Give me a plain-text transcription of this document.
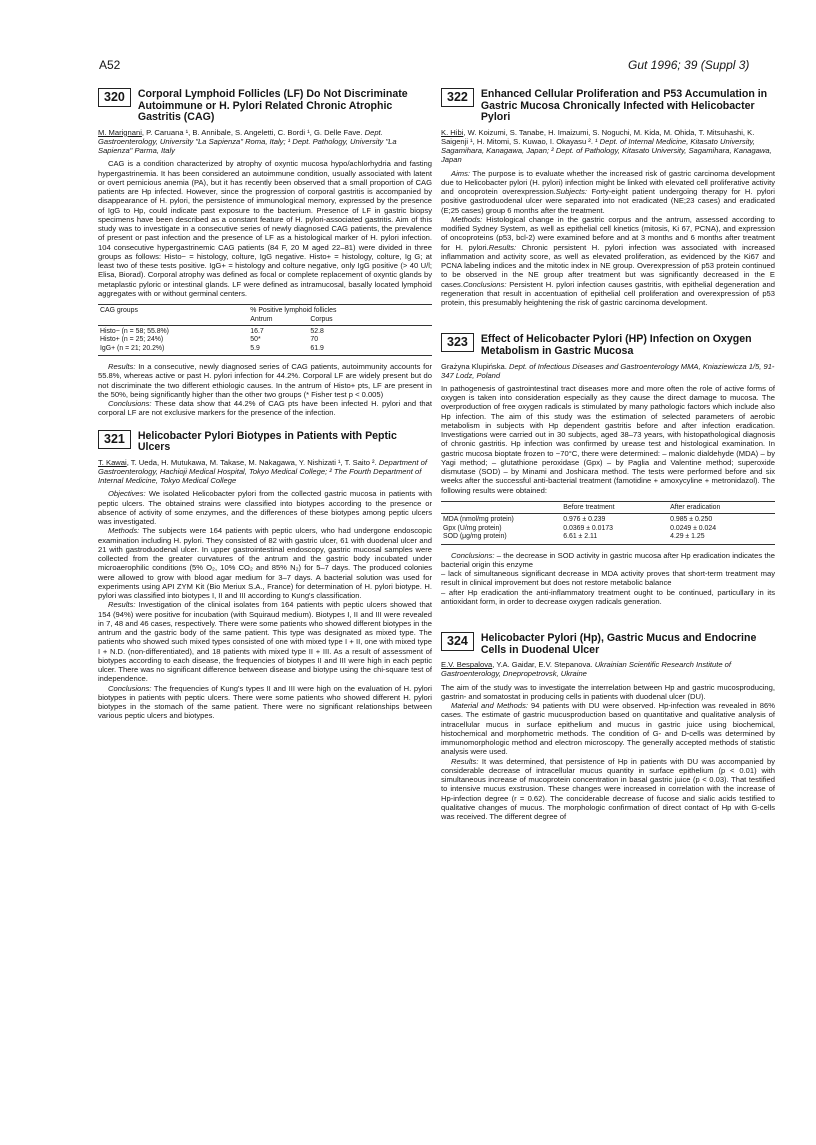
A52	Gut 1996; 39 (Suppl 3)
320	Corporal Lymphoid Follicles (LF) Do Not Discriminate Autoimmune or H. Pylori Related Chronic Atrophic Gastritis (CAG)
M. Marignani, P. Caruana ¹, B. Annibale, S. Angeletti, C. Bordi ¹, G. Delle Fave. Dept. Gastroenterology, University "La Sapienza" Roma, Italy; ¹ Dept. Pathology, University "La Sapienza" Parma, Italy

CAG is a condition characterized by atrophy of oxyntic mucosa hypo/achlorhydria and fasting hypergastrinemia. It has been considered an autoimmune condition, usually associated with latent or overt pernicious anemia (PA), but it has recently been observed that a small proportion of CAG patients are Hp infected. However, since the progression of corporal gastritis is accompanied by disappearance of H. pylori, the persistence of immunological memory, expressed by the presence of IgG to Hp, could indicate past exposure to the bacterium. Presence of LF in gastric biopsy specimens have been described as a constant feature of H. pylori-associated gastritis. Aim of this study was to investigate in a consecutive series of newly diagnosed CAG patients, the prevalence of present or past infection and the presence of LF as a histological marker of H. pylori infection. 104 consecutive hypergastrinemic CAG patients (84 F, 20 M aged 22–81) were divided in three groups as follows: Histo− = histology, colture, IgG negative. Histo+ = histology, colture, Ig G; at least two of these tests positive. IgG+ = histology and colture negative, only IgG positive (> 40 U/l; Elisa, Biorad). Corporal atrophy was defined as focal or complete replacement of oxyntic glands by metaplastic pyloric or intestinal glands. LF were defined as intramucosal, basally located lymphoid aggregates with or without germinal centers.

CAG groups	% Positive lymphoid follicles	
	Antrum	Corpus
Histo− (n = 58; 55.8%)	16.7	52.8
Histo+ (n = 25; 24%)	50*	70
IgG+ (n = 21; 20.2%)	5.9	61.9

Results: In a consecutive, newly diagnosed series of CAG patients, autoimmunity accounts for 55.8%, whereas active or past H. pylori infection for 44.2%. Corporal LF are widely present but do not discriminate the two different ethiologic causes. In the antrum of Histo+ pts, LF are present in the 50%, being significantly higher than the other two groups (* Fisher test p < 0.005)

Conclusions: These data show that 44.2% of CAG pts have been infected H. pylori and that corporal LF are not exclusive markers for the presence of the infection.

321	Helicobacter Pylori Biotypes in Patients with Peptic Ulcers
T. Kawai, T. Ueda, H. Mutukawa, M. Takase, M. Nakagawa, Y. Nishizati ¹, T. Saito ². Department of Gastroenterology, Hachioji Medical Hospital, Tokyo Medical College; ² The Fourth Department of Internal Medicine, Tokyo Medical College

Objectives: We isolated Helicobacter pylori from the collected gastric mucosa in patients with peptic ulcers. The obtained strains were classified into biotypes according to the presence or absence of activity of some enzymes, and the differences of these biotypes among peptic ulcers was investigated.

Methods: The subjects were 164 patients with peptic ulcers, who had undergone endoscopic examination including H. pylori. They consisted of 82 with gastric ulcer, 61 with duodenal ulcer and 21 with gastroduodenal ulcer. In upper gastrointestinal endoscopy, gastric mucosal samples were collected from the greater curvatures of the antrum and the gastric body incubated under microaerophilic conditions (5% O₂, 10% CO₂ and 85% N₂) for 5–7 days. The produced colonies were allowed to grow with blood agar medium for 3–7 days. A bacterial solution was used for experiments using API ZYM Kit (Bio Meriux S.A., France) for determination of H. pylori biotype. H. pylori was classified into biotypes I, II and III according to Kung's classification.

Results: Investigation of the clinical isolates from 164 patients with peptic ulcers showed that 154 (94%) were positive for incubation (with Squiraud medium). Biotypes I, II and III were revealed in 7, 48 and 46 cases, respectively. There were some patients who showed different biotypes in the antrum and the gastric body of the same patient. This type was designated as mixed type. The patients who showed such mixed types consisted of one with mixed type I + II, one with mixed type I + N.D. (non-differentiated), and 18 patients with mixed type II + III. As a result of assessment of biotypes according to each disease, the frequencies of biotypes II and III were high in each peptic ulcer. There was no significant difference between disease and biotype using the chi-square test of independence.

Conclusions: The frequencies of Kung's types II and III were high on the evaluation of H. pylori biotypes in patients with peptic ulcers. There were some patients who showed different H. pylori biotypes in the stomach of the same patient. There were no significant relationships between various peptic ulcers and biotypes.

322	Enhanced Cellular Proliferation and P53 Accumulation in Gastric Mucosa Chronically Infected with Helicobacter Pylori
K. Hibi, W. Koizumi, S. Tanabe, H. Imaizumi, S. Noguchi, M. Kida, M. Ohida, T. Mitsuhashi, K. Saigenji ¹, H. Mitomi, S. Kuwao, I. Okayasu ². ¹ Dept. of Internal Medicine, Kitasato University, Sagamihara, Kanagawa, Japan; ² Dept. of Pathology, Kitasato University, Sagamihara, Kanagawa, Japan

Aims: The purpose is to evaluate whether the increased risk of gastric carcinoma development due to Helicobacter pylori (H. pylori) infection might be linked with elevated cell proliferative activity and oncoprotein overexpression.Subjects: Forty-eight patient undergoing therapy for H. pylori positive gastroduodenal ulcer were separated into not eradicated (NE;23 cases) and eradicated (E;25 cases) group 6 months after the treatment.

Methods: Histological change in the gastric corpus and the antrum, assessed according to modified Sydney System, as well as epithelial cell kinetics (mitosis, Ki 67, PCNA), and expression of oncoproteins (p53, bcl-2) were examined before and at 3 months and 6 months after treatment for H. pylori.Results: Chronic persistent H. pylori infection was associated with increased inflammation and activity score, as well as elevated proliferation, as evidenced by the Ki67 and PCNA labeling indices and the mitotic index in NE group. Overexpression of p53 protein continued to be observed in the NE group after treatment but was significantly decreased in the E cases.Conclusions: Persistent H. pylori infection causes gastritis, with epithelial degeneration and regeneration that result in accentuation of epithelial cell proliferation and overexpression of p53 protein, this presumably heightening the risk of gastric carcinoma development.

323	Effect of Helicobacter Pylori (HP) Infection on Oxygen Metabolism in Gastric Mucosa
Grażyna Klupińska. Dept. of Infectious Diseases and Gastroenterology MMA, Kniaziewicza 1/5, 91-347 Lodz, Poland

In pathogenesis of gastrointestinal tract diseases more and more often the role of active forms of oxygen is taken into consideration especially as they cause the direct damage to mucosa. The overproduction of free oxygen radicals is stimulated by many pathologic factors which include also Hp infection. The aim of this study was the estimation of selected parameters of aerobic metabolism in subjects with Hp dependent gastritis before and after infection eradication. Investigations were carried out in 30 subjects, aged 38–73 years, with histopathological diagnosis of chronic gastritis. Hp infection was confirmed by urease test and histological examination. In gastric mucosa bioptate frozen to −70°C, there were determined: – malonic dialdehyde (MDA) – by Yagi method; – glutathione peroxidase (Gpx) – by Paglia and Valentine method; superoxide dismutase (SOD) – by Minami and Joshicara method. The tests were performed before and six weeks after the successful anti-bacterial treatment (famotidine + amoxycyline + metronidazol). The following results were obtained:

	Before treatment	After eradication
MDA (nmol/mg protein)	0.976 ± 0.239	0.985 ± 0.250
Gpx (U/mg protein)	0.0369 ± 0.0173	0.0249 ± 0.024
SOD (μg/mg protein)	6.61 ± 2.11	4.29 ± 1.25

Conclusions: – the decrease in SOD activity in gastric mucosa after Hp eradication indicates the bacterial origin this enzyme

– lack of simultaneous significant decrease in MDA activity proves that short-term treatment may result in clinical improvement but does not restore metabolic balance

– after Hp eradication the anti-inflammatory treatment ought to be continued, particullary in its antioxidant form, in order to decrease oxygen radicals generation.

324	Helicobacter Pylori (Hp), Gastric Mucus and Endocrine Cells in Duodenal Ulcer
E.V. Bespalova, Y.A. Gaidar, E.V. Stepanova. Ukrainian Scientific Research Institute of Gastroenterology, Dnepropetrovsk, Ukraine

The aim of the study was to investigate the interrelation between Hp and gastric mucosproducing, gastrin- and somatostat in producing cells in patients with duodenal ulcer (DU).

Material and Methods: 94 patients with DU were observed. Hp-infection was revealed in 86% cases. The estimate of gastric mucusproduction based on quantitative and qualitative analysis of intracellular mucus in surface epithelium and mucus in gastric juice using biochemical, histochemical and morphometric methods. The condition of G- and D-cells was determined by immunomorphologic method and electron microscopy. The generally accepted methods of statistic analysis were used.

Results: It was determined, that persistence of Hp in patients with DU was accompanied by considerable decrease of intracellular mucus quantity in surface epithelium (p < 0.01) with simultaneous increase of mucoprotein concentration in basal gastric juice (p < 0.03). That testified to intensive mucus exstrusion. These changes were increased in correlation with the increase of Hp-infection degree (r = 0.62). The conciderable decrease of fucose and sialic acids testified to qualitative changes of mucus. The morphologic confirmation of direct contact of Hp with G-cells was received. The different degree of
